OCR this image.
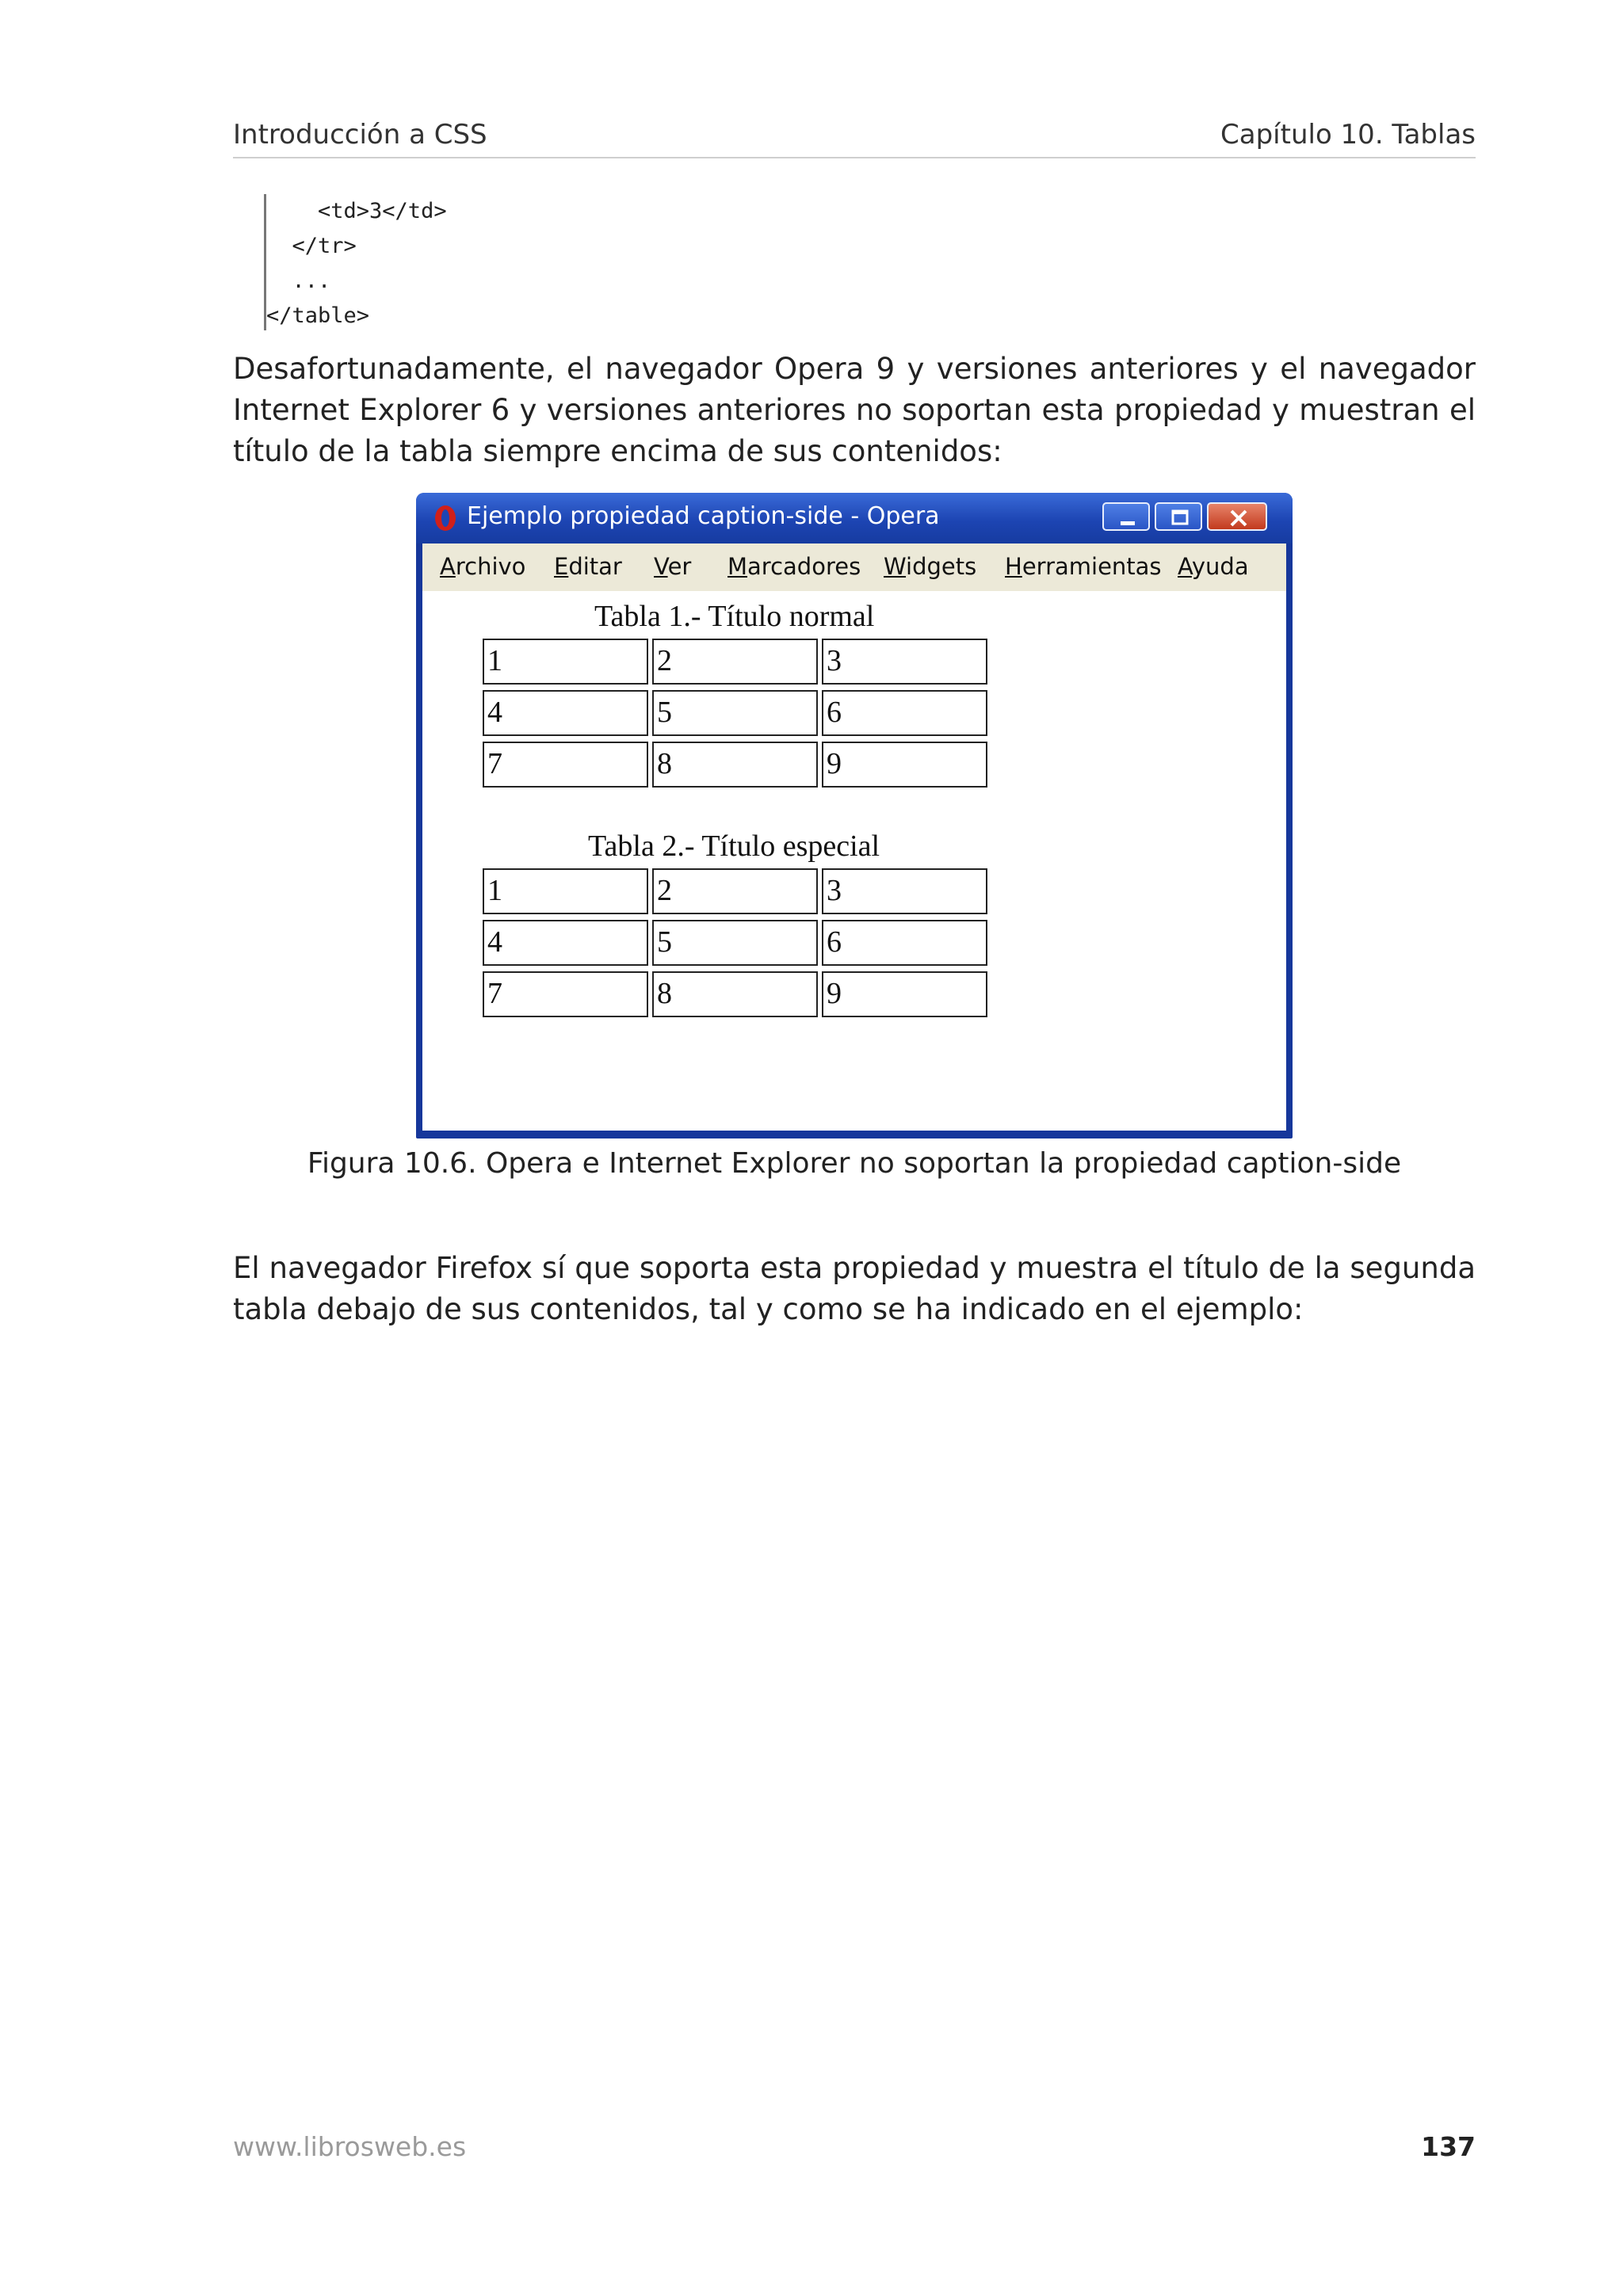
Introducción a CSS	Capítulo 10. Tablas
<td>3</td>
</tr>
...
</table>
Desafortunadamente, el navegador Opera 9 y versiones anteriores y el navegador Internet Explorer 6 y versiones anteriores no soportan esta propiedad y muestran el título de la tabla siempre encima de sus contenidos:
Ejemplo propiedad caption-side - Opera
Archivo Editar Ver Marcadores Widgets Herramientas Ayuda
Tabla 1.- Título normal
1	2	3
4	5	6
7	8	9
Tabla 2.- Título especial
1	2	3
4	5	6
7	8	9
Figura 10.6. Opera e Internet Explorer no soportan la propiedad caption-side
El navegador Firefox sí que soporta esta propiedad y muestra el título de la segunda tabla debajo de sus contenidos, tal y como se ha indicado en el ejemplo:
www.librosweb.es	137
